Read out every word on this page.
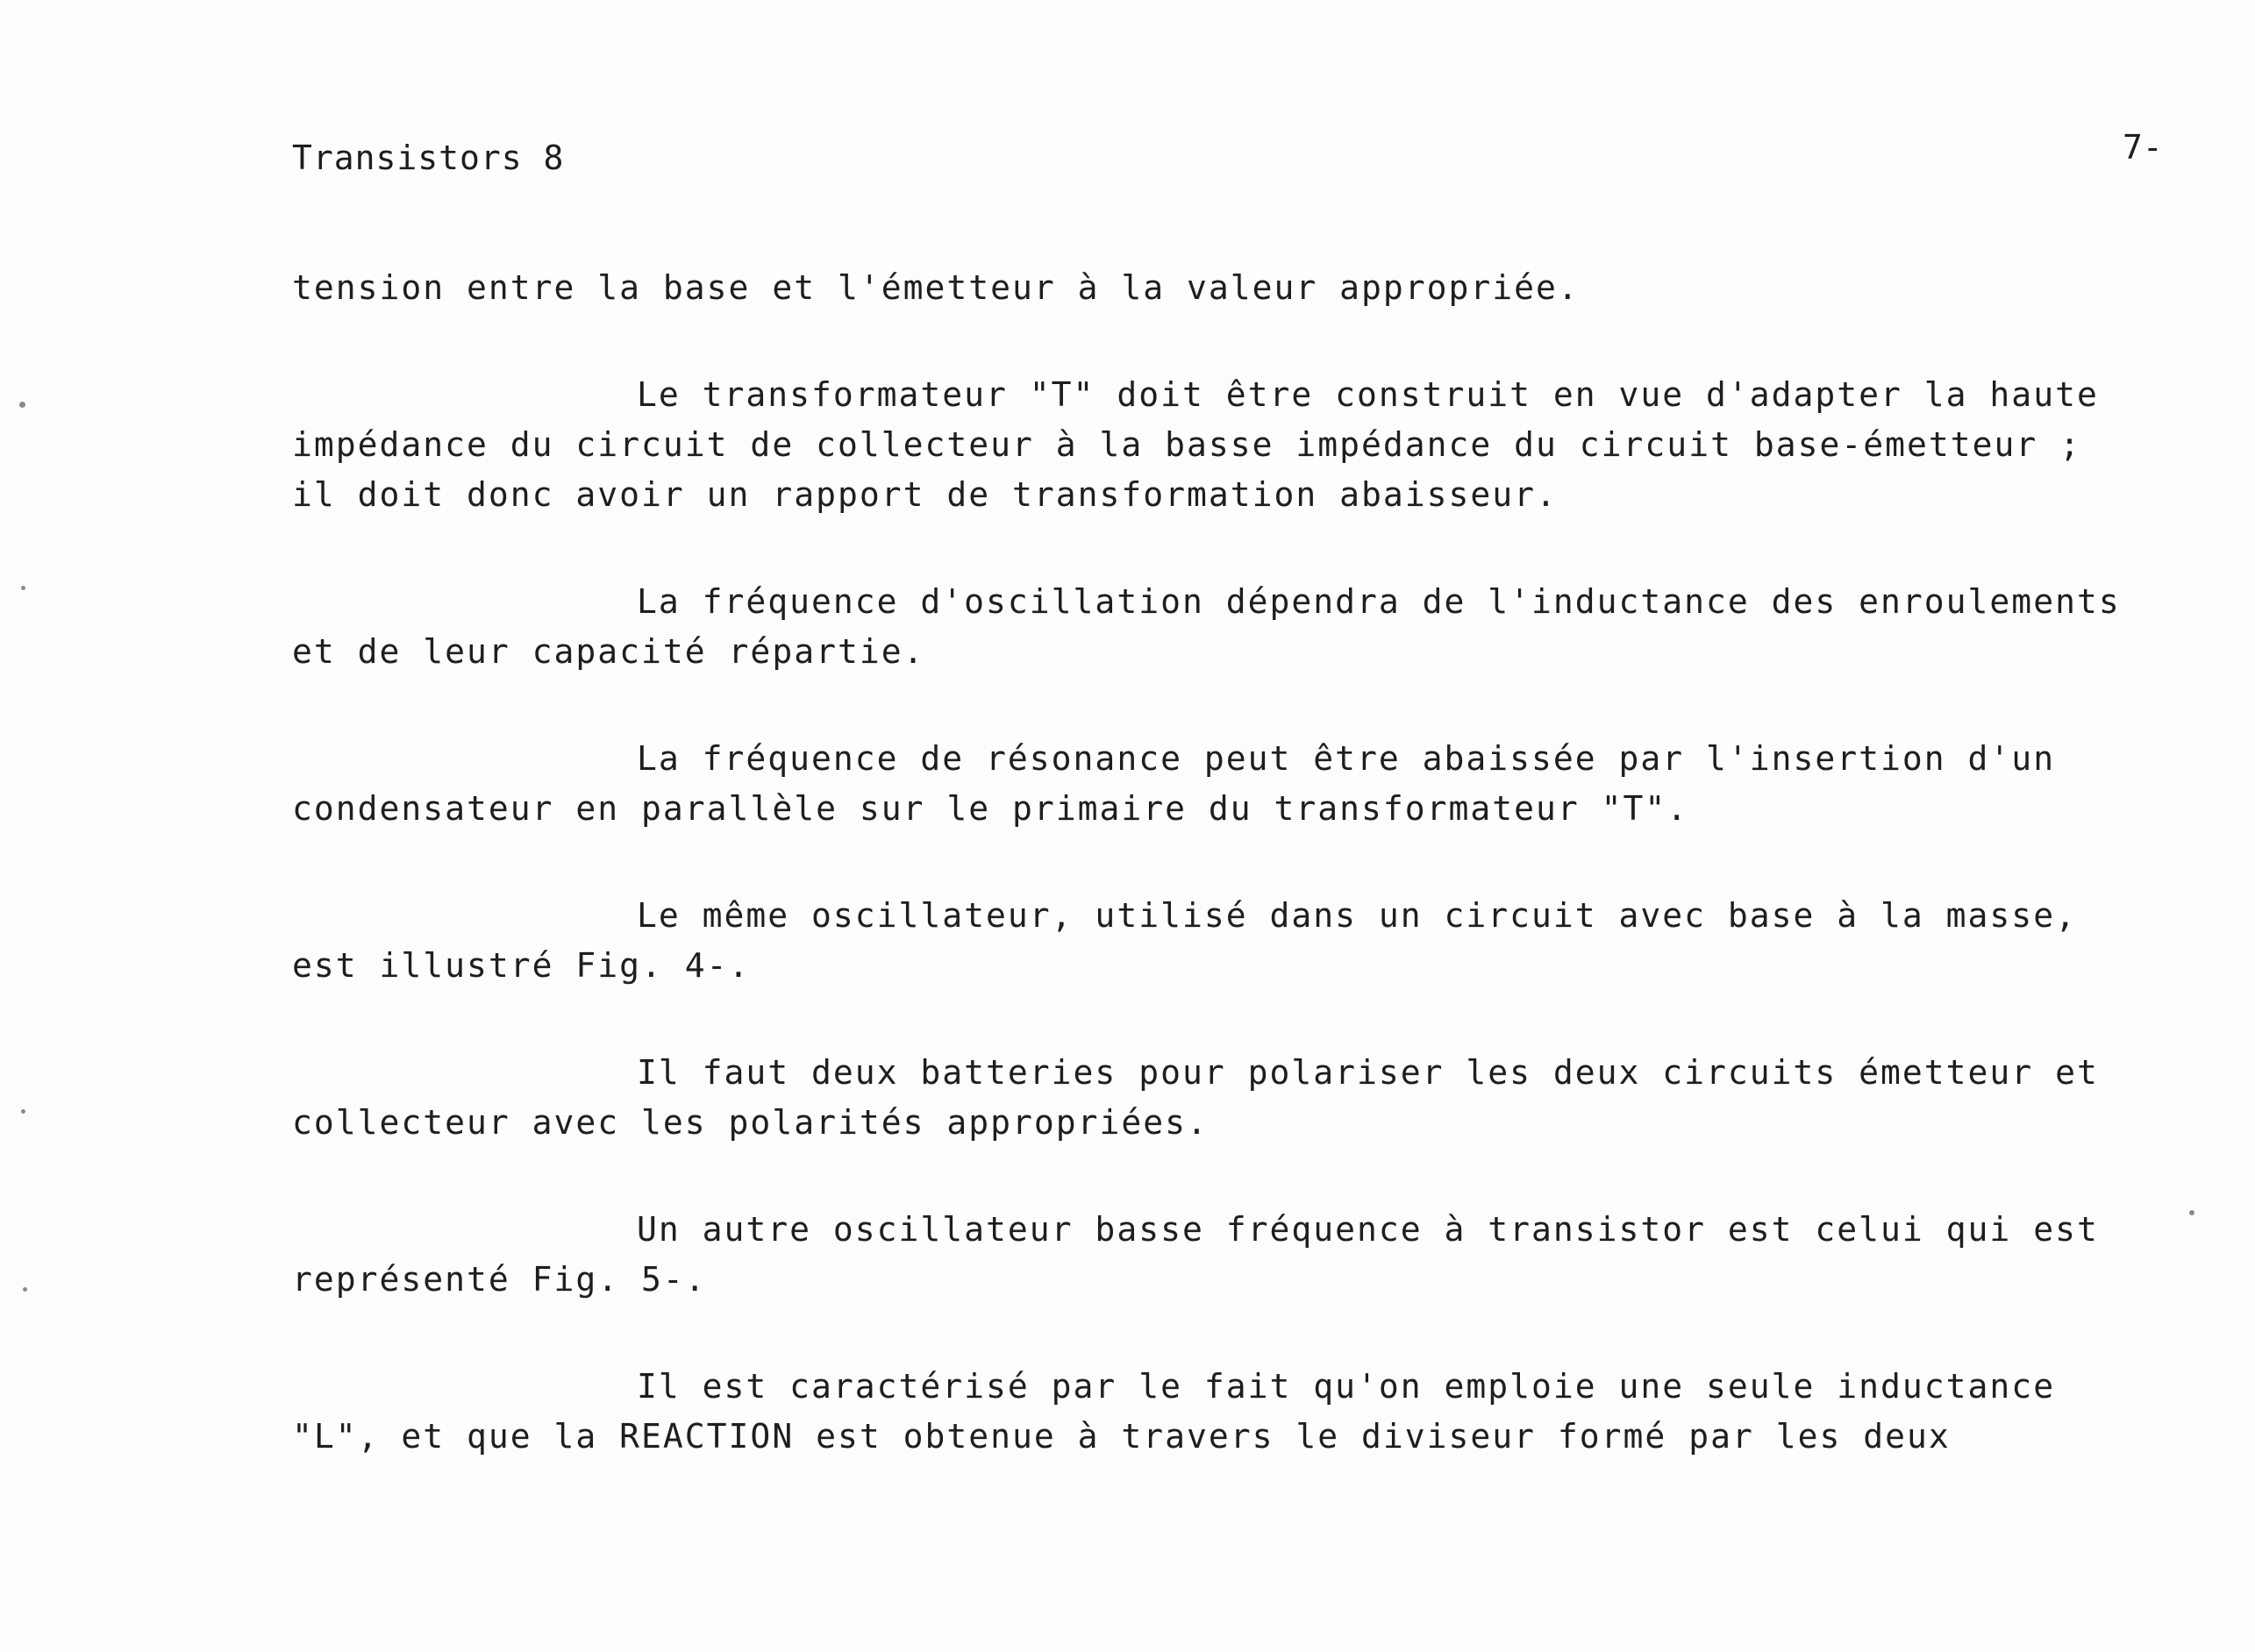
Transistors 8	7-

tension entre la base et l'émetteur à la valeur appropriée.

Le transformateur "T" doit être construit en vue d'adapter la haute
impédance du circuit de collecteur à la basse impédance du circuit base-émetteur ;
il doit donc avoir un rapport de transformation abaisseur.

La fréquence d'oscillation dépendra de l'inductance des enroulements
et de leur capacité répartie.

La fréquence de résonance peut être abaissée par l'insertion d'un
condensateur en parallèle sur le primaire du transformateur "T".

Le même oscillateur, utilisé dans un circuit avec base à la masse,
est illustré Fig. 4-.

Il faut deux batteries pour polariser les deux circuits émetteur et
collecteur avec les polarités appropriées.

Un autre oscillateur basse fréquence à transistor est celui qui est
représenté Fig. 5-.

Il est caractérisé par le fait qu'on emploie une seule inductance
"L", et que la REACTION est obtenue à travers le diviseur formé par les deux
